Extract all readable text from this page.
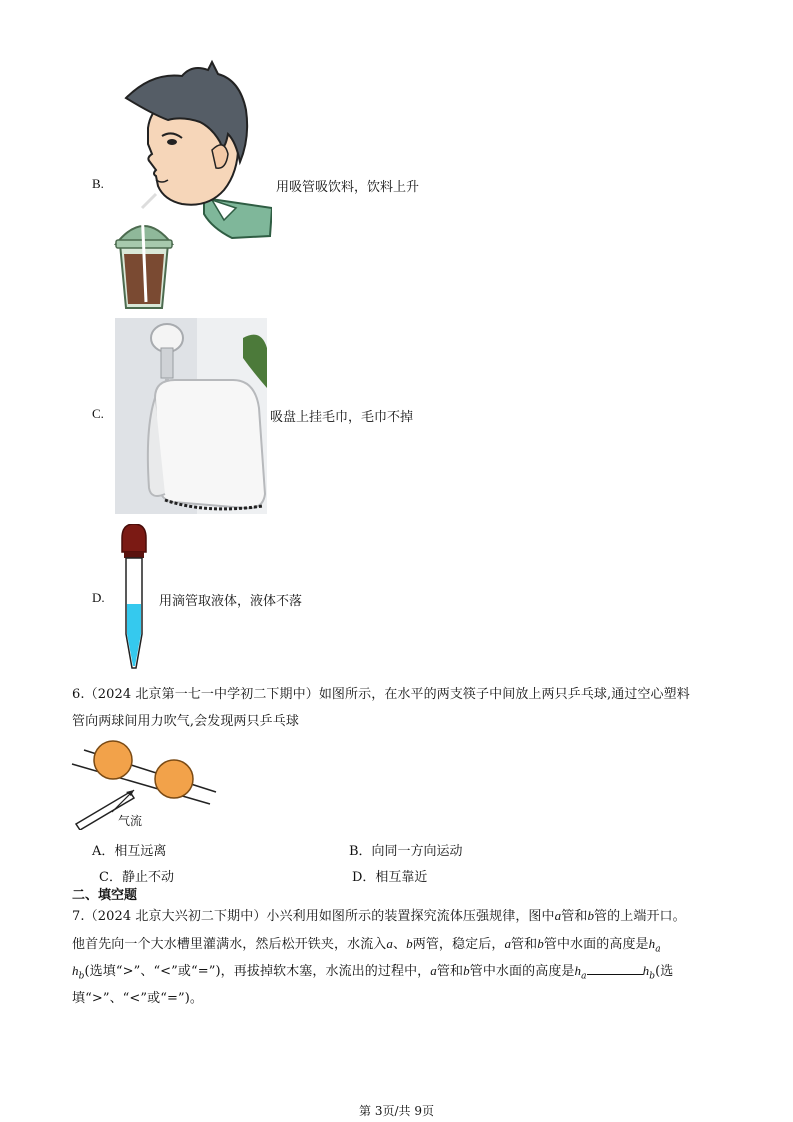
B.	用吸管吸饮料，饮料上升
C.	吸盘上挂毛巾，毛巾不掉
D.	用滴管取液体，液体不落
6.（2024 北京第一七一中学初二下期中）如图所示，在水平的两支筷子中间放上两只乒乓球,通过空心塑料
管向两球间用力吹气,会发现两只乒乓球
气流
A．相互远离	B．向同一方向运动
C．静止不动	D．相互靠近
二、填空题
7.（2024 北京大兴初二下期中）小兴利用如图所示的装置探究流体压强规律，图中a管和b管的上端开口。
他首先向一个大水槽里灌满水，然后松开铁夹，水流入a、b两管，稳定后，a管和b管中水面的高度是$h_a$
$h_b$(选填“>”、“<”或“=”)，再拔掉软木塞，水流出的过程中，a管和b管中水面的高度是$h_a$	$h_b$(选
填“>”、“<”或“=”)。
第 3页/共 9页
